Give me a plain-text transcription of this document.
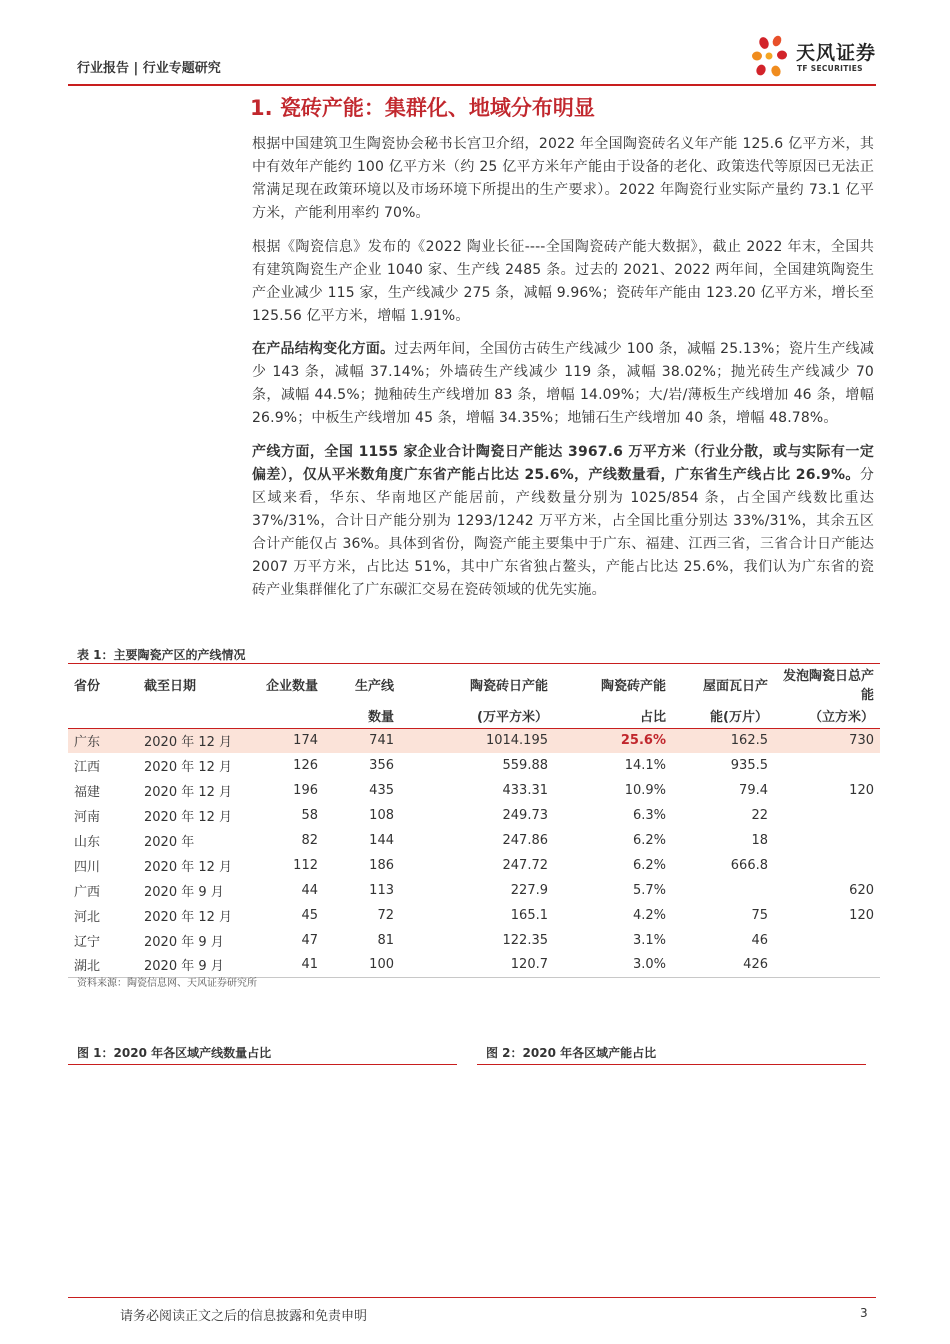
行业报告 | 行业专题研究
天风证券
TF SECURITIES
1. 瓷砖产能：集群化、地域分布明显

根据中国建筑卫生陶瓷协会秘书长宫卫介绍，2022 年全国陶瓷砖名义年产能 125.6 亿平方米，其中有效年产能约 100 亿平方米（约 25 亿平方米年产能由于设备的老化、政策迭代等原因已无法正常满足现在政策环境以及市场环境下所提出的生产要求）。2022 年陶瓷行业实际产量约 73.1 亿平方米，产能利用率约 70%。

根据《陶瓷信息》发布的《2022 陶业长征----全国陶瓷砖产能大数据》，截止 2022 年末，全国共有建筑陶瓷生产企业 1040 家、生产线 2485 条。过去的 2021、2022 两年间，全国建筑陶瓷生产企业减少 115 家，生产线减少 275 条，减幅 9.96%；瓷砖年产能由 123.20 亿平方米，增长至 125.56 亿平方米，增幅 1.91%。

在产品结构变化方面。过去两年间，全国仿古砖生产线减少 100 条，减幅 25.13%；瓷片生产线减少 143 条，减幅 37.14%；外墙砖生产线减少 119 条，减幅 38.02%；抛光砖生产线减少 70 条，减幅 44.5%；抛釉砖生产线增加 83 条，增幅 14.09%；大/岩/薄板生产线增加 46 条，增幅 26.9%；中板生产线增加 45 条，增幅 34.35%；地铺石生产线增加 40 条，增幅 48.78%。

产线方面，全国 1155 家企业合计陶瓷日产能达 3967.6 万平方米（行业分散，或与实际有一定偏差），仅从平米数角度广东省产能占比达 25.6%，产线数量看，广东省生产线占比 26.9%。分区域来看，华东、华南地区产能居前，产线数量分别为 1025/854 条，占全国产线数比重达 37%/31%，合计日产能分别为 1293/1242 万平方米，占全国比重分别达 33%/31%，其余五区合计产能仅占 36%。具体到省份，陶瓷产能主要集中于广东、福建、江西三省，三省合计日产能达 2007 万平方米，占比达 51%，其中广东省独占鳌头，产能占比达 25.6%，我们认为广东省的瓷砖产业集群催化了广东碳汇交易在瓷砖领域的优先实施。

表 1：主要陶瓷产区的产线情况
省份	截至日期	企业数量	生产线	陶瓷砖日产能	陶瓷砖产能	屋面瓦日产	发泡陶瓷日总产能
			数量	(万平方米）	占比	能(万片）	（立方米）
广东	2020 年 12 月	174	741	1014.195	25.6%	162.5	730
江西	2020 年 12 月	126	356	559.88	14.1%	935.5	
福建	2020 年 12 月	196	435	433.31	10.9%	79.4	120
河南	2020 年 12 月	58	108	249.73	6.3%	22	
山东	2020 年	82	144	247.86	6.2%	18	
四川	2020 年 12 月	112	186	247.72	6.2%	666.8	
广西	2020 年 9 月	44	113	227.9	5.7%		620
河北	2020 年 12 月	45	72	165.1	4.2%	75	120
辽宁	2020 年 9 月	47	81	122.35	3.1%	46	
湖北	2020 年 9 月	41	100	120.7	3.0%	426	
资料来源：陶瓷信息网、天风证券研究所
图 1：2020 年各区域产线数量占比	图 2：2020 年各区域产能占比
请务必阅读正文之后的信息披露和免责申明	3
